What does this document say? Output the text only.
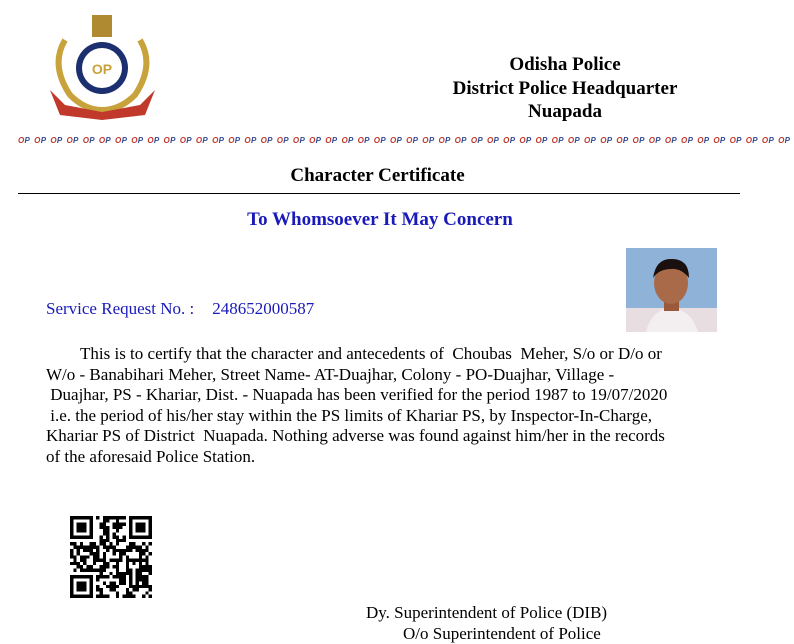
OP	Odisha Police
District Police Headquarter
Nuapada
OP OP OP OP OP OP OP OP OP OP OP OP OP OP OP OP OP OP OP OP OP OP OP OP OP OP OP OP OP OP OP OP OP OP OP OP OP OP OP OP OP OP OP OP OP OP OP OP
Character Certificate
To Whomsoever It May Concern
Service Request No. : 248652000587
This is to certify that the character and antecedents of  Choubas  Meher, S/o or D/o or
W/o - Banabihari Meher, Street Name- AT-Duajhar, Colony - PO-Duajhar, Village -
Duajhar, PS - Khariar, Dist. - Nuapada has been verified for the period 1987 to 19/07/2020
i.e. the period of his/her stay within the PS limits of Khariar PS, by Inspector-In-Charge,
Khariar PS of District  Nuapada. Nothing adverse was found against him/her in the records
of the aforesaid Police Station.
Dy. Superintendent of Police (DIB)
O/o Superintendent of Police
